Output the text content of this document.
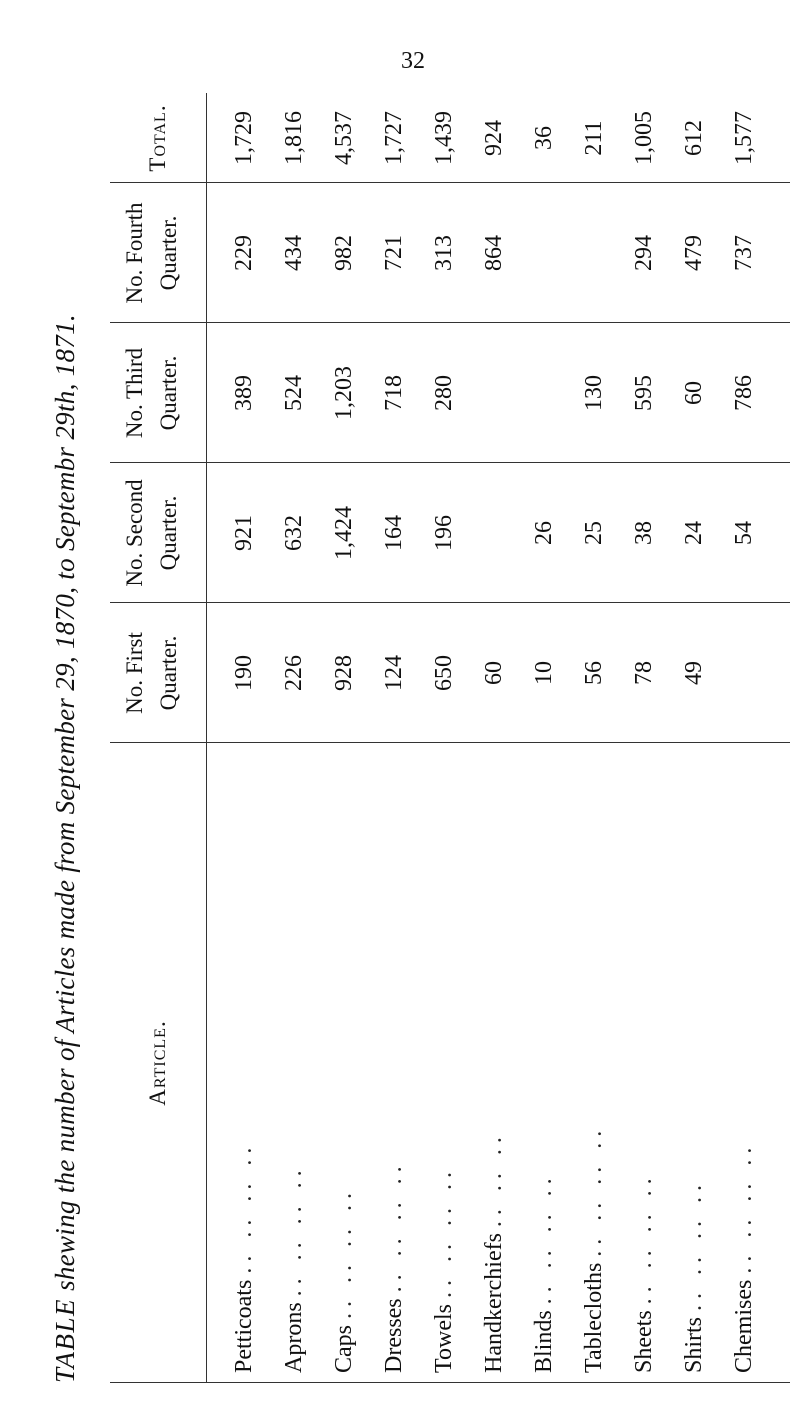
32
TABLE shewing the number of Articles made from September 29, 1870, to Septembr 29th, 1871.	Article.
No. First Quarter.
No. Second Quarter.
No. Third Quarter.
No. Fourth Quarter.
Total.
Petticoats .. .. .. ..
190
921
389
229
1,729
Aprons .. .. .. ..
226
632
524
434
1,816
Caps .. .. .. ..
928
1,424
1,203
982
4,537
Dresses .. .. .. ..
124
164
718
721
1,727
Towels .. .. .. ..
650
196
280
313
1,439
Handkerchiefs .. .. ..
60
864
924
Blinds .. .. .. ..
10
26
36
Tablecloths .. .. .. ..
56
25
130
211
Sheets .. .. .. ..
78
38
595
294
1,005
Shirts .. .. .. ..
49
24
60
479
612
Chemises .. .. .. ..
54
786
737
1,577
